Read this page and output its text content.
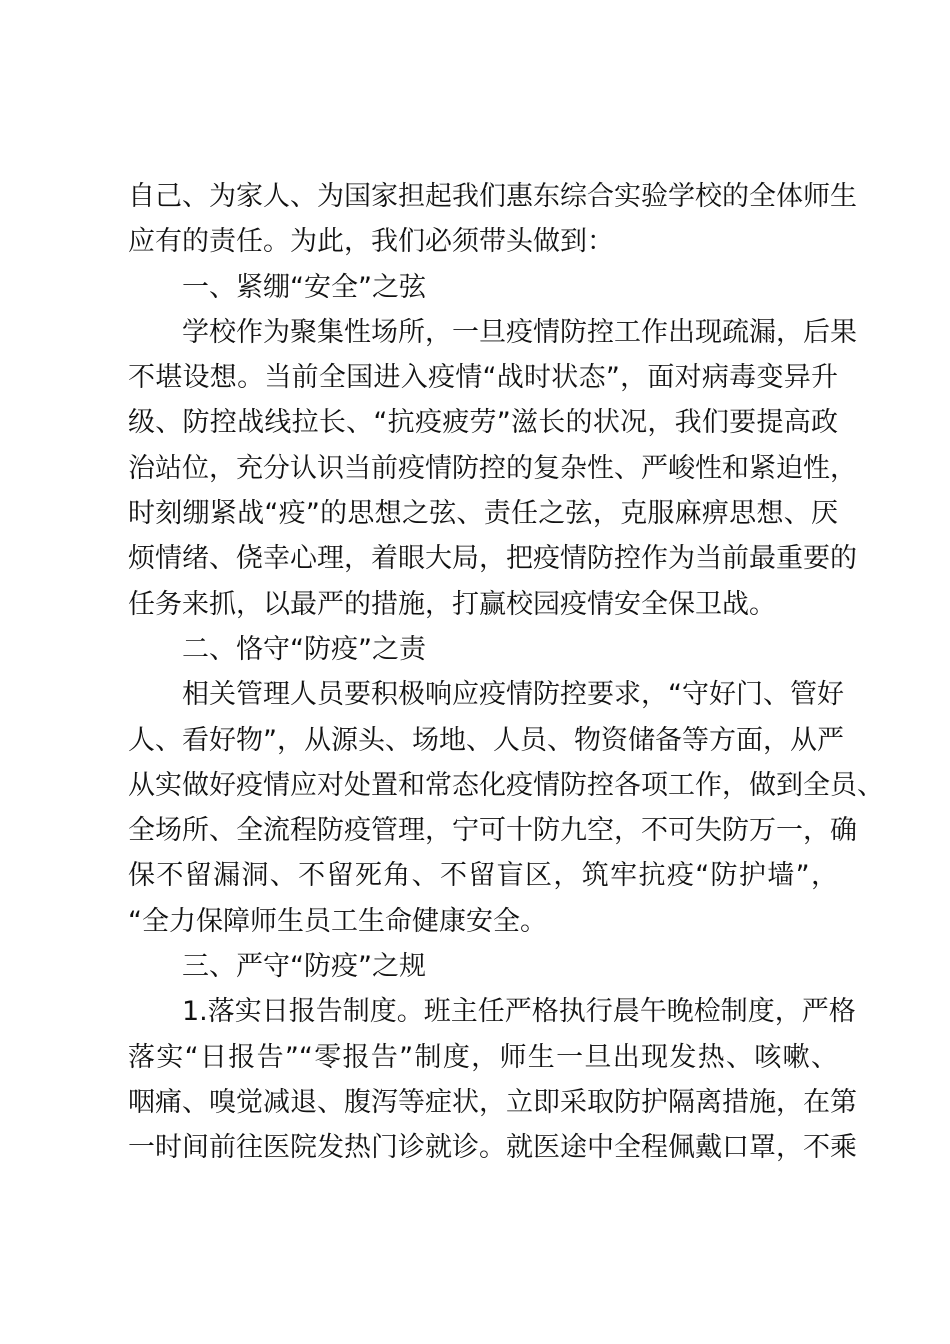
自己、为家人、为国家担起我们惠东综合实验学校的全体师生
应有的责任。为此，我们必须带头做到：
一、紧绷“安全”之弦
学校作为聚集性场所，一旦疫情防控工作出现疏漏，后果
不堪设想。当前全国进入疫情“战时状态”，面对病毒变异升
级、防控战线拉长、“抗疫疲劳”滋长的状况，我们要提高政
治站位，充分认识当前疫情防控的复杂性、严峻性和紧迫性，
时刻绷紧战“疫”的思想之弦、责任之弦，克服麻痹思想、厌
烦情绪、侥幸心理，着眼大局，把疫情防控作为当前最重要的
任务来抓，以最严的措施，打赢校园疫情安全保卫战。
二、恪守“防疫”之责
相关管理人员要积极响应疫情防控要求，“守好门、管好
人、看好物”，从源头、场地、人员、物资储备等方面，从严
从实做好疫情应对处置和常态化疫情防控各项工作，做到全员、
全场所、全流程防疫管理，宁可十防九空，不可失防万一，确
保不留漏洞、不留死角、不留盲区，筑牢抗疫“防护墙”，
“全力保障师生员工生命健康安全。
三、严守“防疫”之规
1.落实日报告制度。班主任严格执行晨午晚检制度，严格
落实“日报告”“零报告”制度，师生一旦出现发热、咳嗽、
咽痛、嗅觉减退、腹泻等症状，立即采取防护隔离措施，在第
一时间前往医院发热门诊就诊。就医途中全程佩戴口罩，不乘
